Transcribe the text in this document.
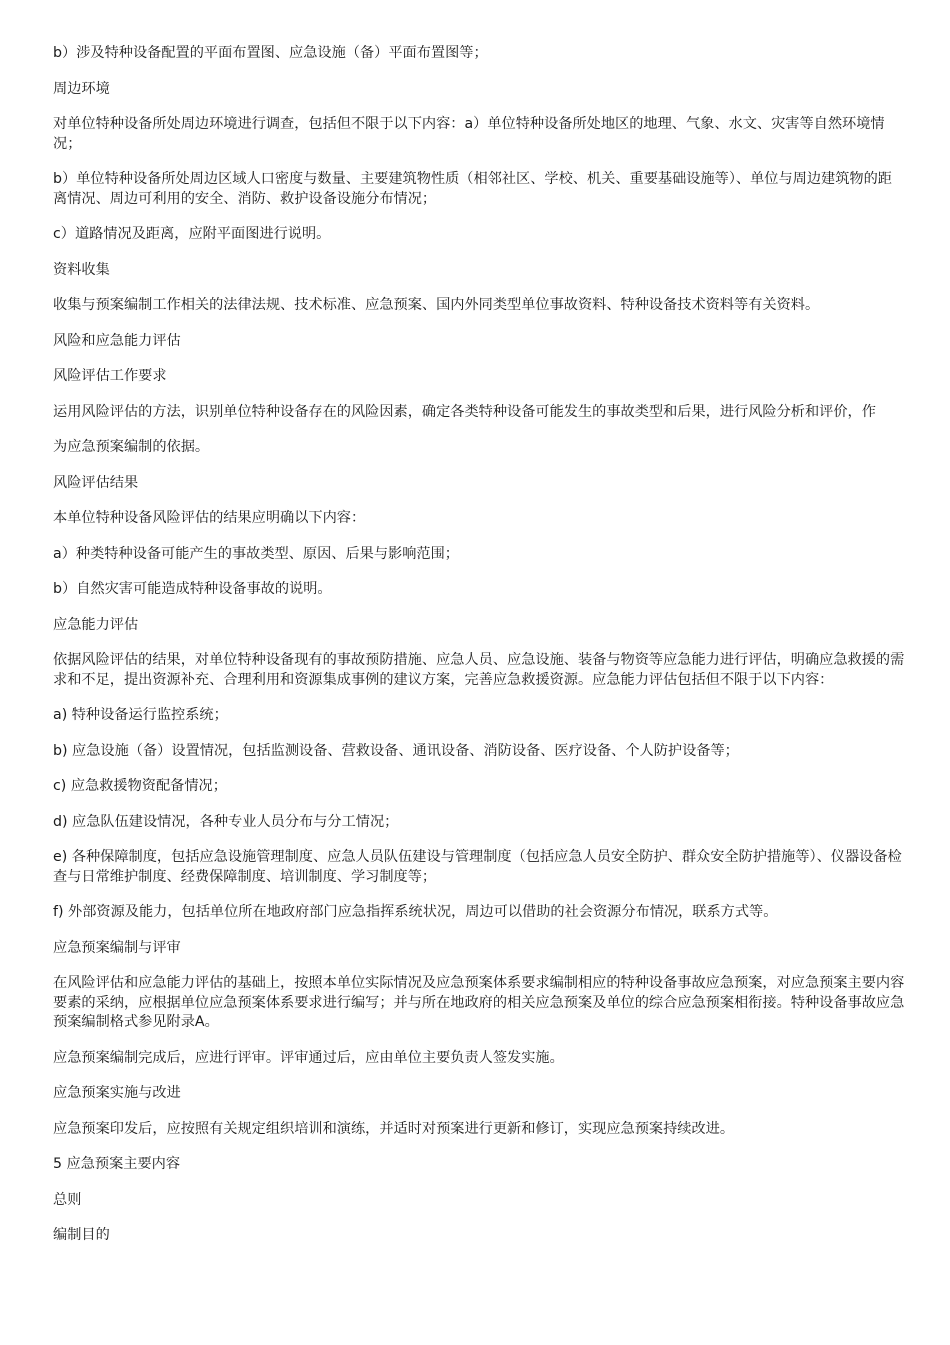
b）涉及特种设备配置的平面布置图、应急设施（备）平面布置图等；

周边环境

对单位特种设备所处周边环境进行调查，包括但不限于以下内容：a）单位特种设备所处地区的地理、气象、水文、灾害等自然环境情况；

b）单位特种设备所处周边区域人口密度与数量、主要建筑物性质（相邻社区、学校、机关、重要基础设施等）、单位与周边建筑物的距离情况、周边可利用的安全、消防、救护设备设施分布情况；

c）道路情况及距离，应附平面图进行说明。

资料收集

收集与预案编制工作相关的法律法规、技术标准、应急预案、国内外同类型单位事故资料、特种设备技术资料等有关资料。

风险和应急能力评估

风险评估工作要求

运用风险评估的方法，识别单位特种设备存在的风险因素，确定各类特种设备可能发生的事故类型和后果，进行风险分析和评价，作

为应急预案编制的依据。

风险评估结果

本单位特种设备风险评估的结果应明确以下内容：

a）种类特种设备可能产生的事故类型、原因、后果与影响范围；

b）自然灾害可能造成特种设备事故的说明。

应急能力评估

依据风险评估的结果，对单位特种设备现有的事故预防措施、应急人员、应急设施、装备与物资等应急能力进行评估，明确应急救援的需求和不足，提出资源补充、合理利用和资源集成事例的建议方案，完善应急救援资源。应急能力评估包括但不限于以下内容：

a) 特种设备运行监控系统；

b) 应急设施（备）设置情况，包括监测设备、营救设备、通讯设备、消防设备、医疗设备、个人防护设备等；

c) 应急救援物资配备情况；

d) 应急队伍建设情况，各种专业人员分布与分工情况；

e) 各种保障制度，包括应急设施管理制度、应急人员队伍建设与管理制度（包括应急人员安全防护、群众安全防护措施等）、仪器设备检查与日常维护制度、经费保障制度、培训制度、学习制度等；

f) 外部资源及能力，包括单位所在地政府部门应急指挥系统状况，周边可以借助的社会资源分布情况，联系方式等。

应急预案编制与评审

在风险评估和应急能力评估的基础上，按照本单位实际情况及应急预案体系要求编制相应的特种设备事故应急预案，对应急预案主要内容要素的采纳，应根据单位应急预案体系要求进行编写；并与所在地政府的相关应急预案及单位的综合应急预案相衔接。特种设备事故应急预案编制格式参见附录A。

应急预案编制完成后，应进行评审。评审通过后，应由单位主要负责人签发实施。

应急预案实施与改进

应急预案印发后，应按照有关规定组织培训和演练，并适时对预案进行更新和修订，实现应急预案持续改进。

5 应急预案主要内容

总则

编制目的
